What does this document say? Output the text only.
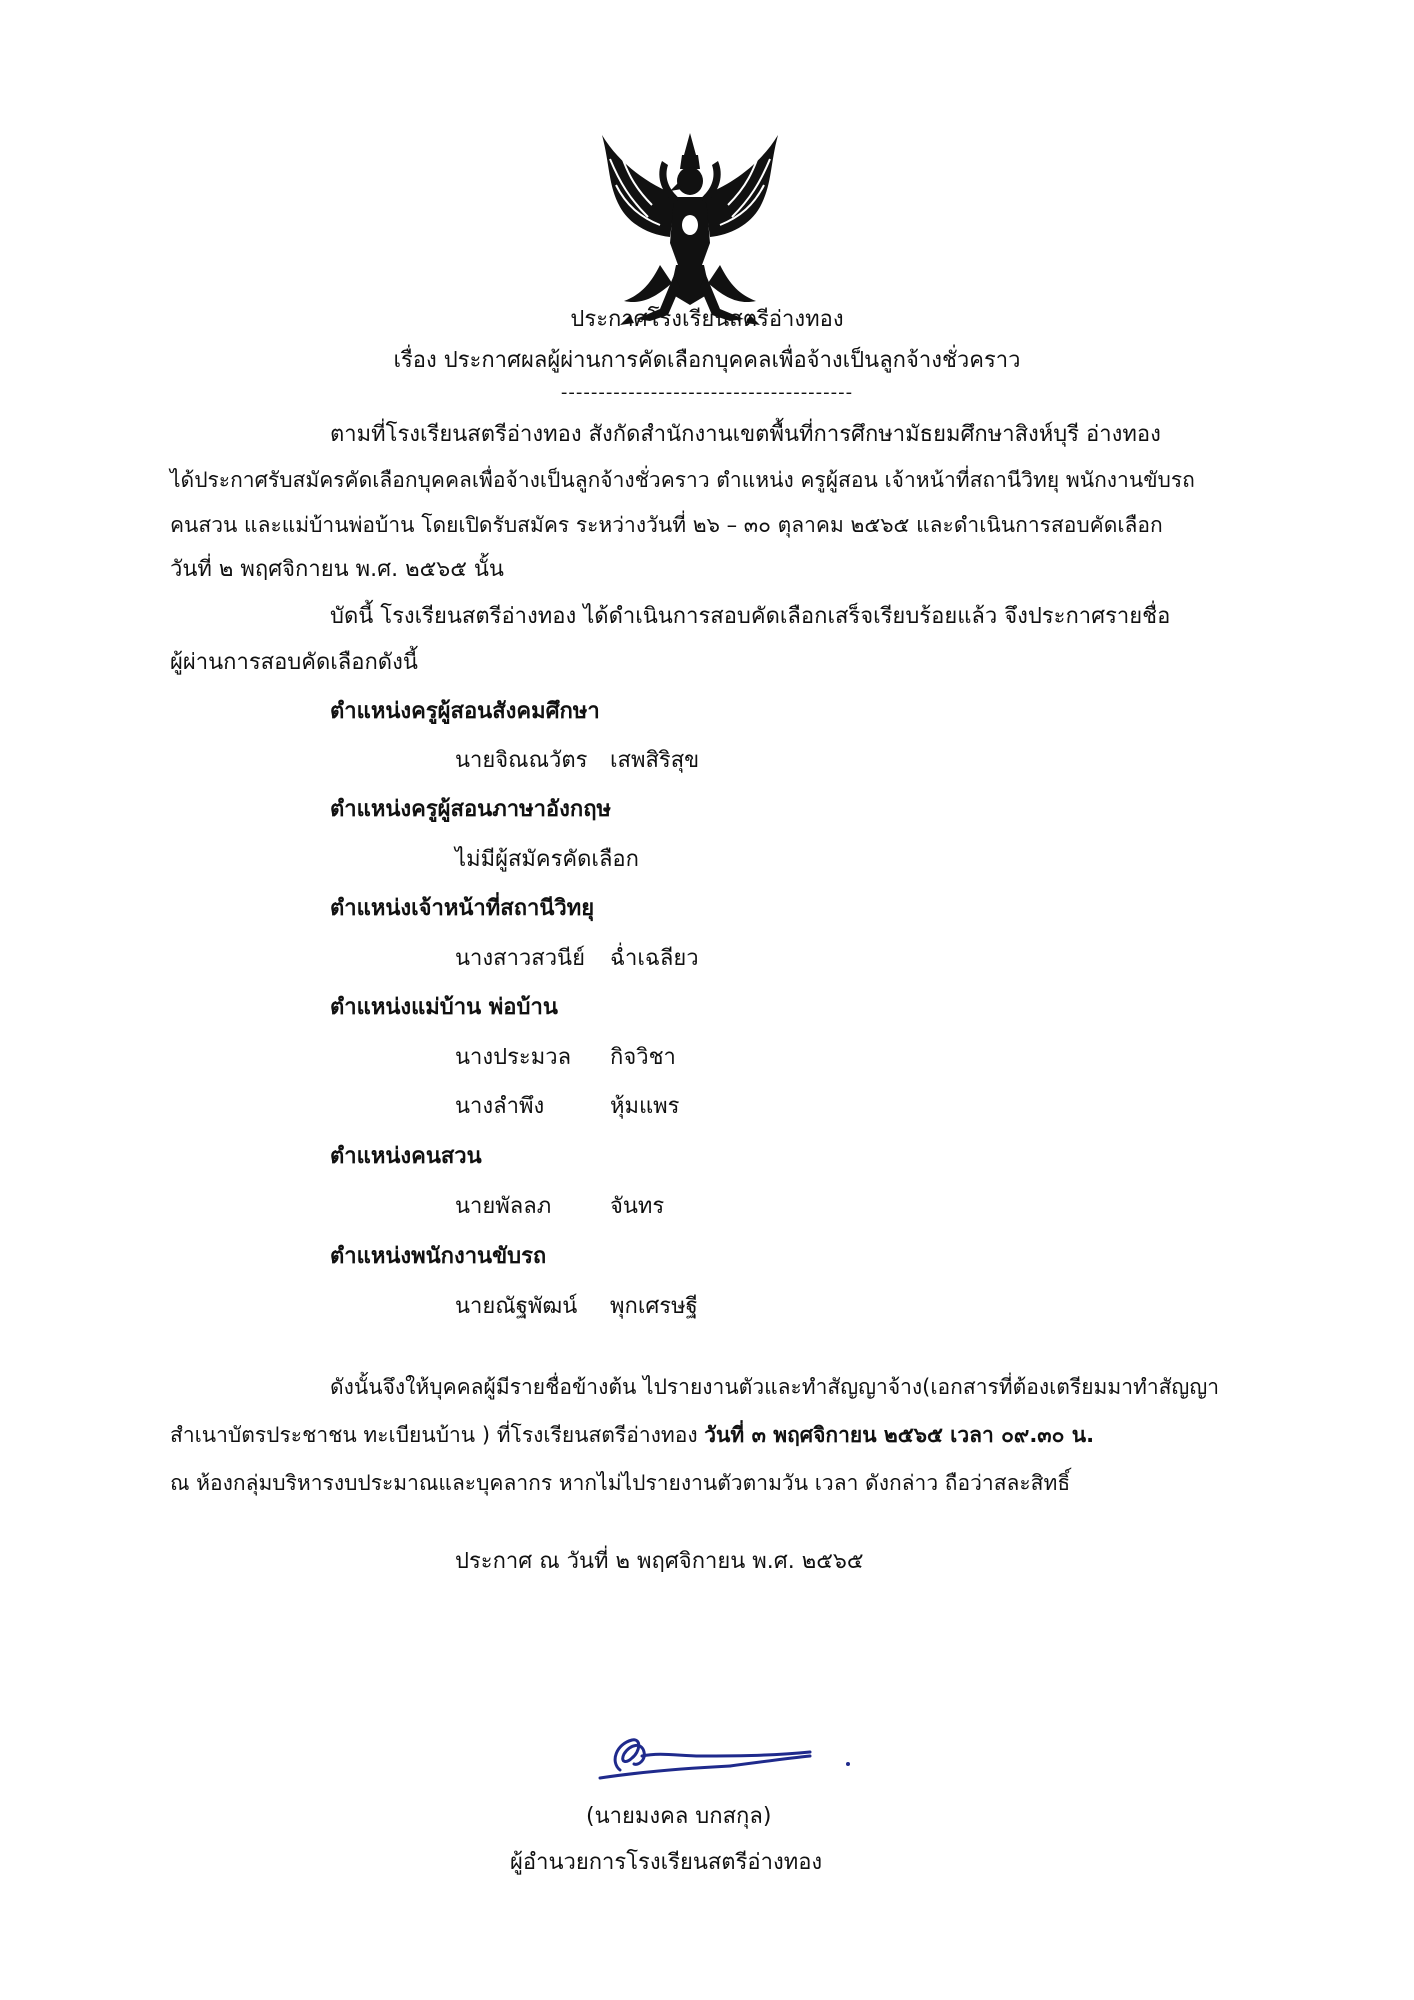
ประกาศโรงเรียนสตรีอ่างทอง
เรื่อง ประกาศผลผู้ผ่านการคัดเลือกบุคคลเพื่อจ้างเป็นลูกจ้างชั่วคราว
---------------------------------------
ตามที่โรงเรียนสตรีอ่างทอง สังกัดสำนักงานเขตพื้นที่การศึกษามัธยมศึกษาสิงห์บุรี อ่างทอง
ได้ประกาศรับสมัครคัดเลือกบุคคลเพื่อจ้างเป็นลูกจ้างชั่วคราว ตำแหน่ง ครูผู้สอน เจ้าหน้าที่สถานีวิทยุ พนักงานขับรถ
คนสวน และแม่บ้านพ่อบ้าน โดยเปิดรับสมัคร ระหว่างวันที่ ๒๖ – ๓๐ ตุลาคม ๒๕๖๕ และดำเนินการสอบคัดเลือก
วันที่ ๒ พฤศจิกายน พ.ศ. ๒๕๖๕ นั้น
บัดนี้ โรงเรียนสตรีอ่างทอง ได้ดำเนินการสอบคัดเลือกเสร็จเรียบร้อยแล้ว จึงประกาศรายชื่อ
ผู้ผ่านการสอบคัดเลือกดังนี้
ตำแหน่งครูผู้สอนสังคมศึกษา
นายจิณณวัตร เสพสิริสุข
ตำแหน่งครูผู้สอนภาษาอังกฤษ
ไม่มีผู้สมัครคัดเลือก
ตำแหน่งเจ้าหน้าที่สถานีวิทยุ
นางสาวสวนีย์ ฉ่ำเฉลียว
ตำแหน่งแม่บ้าน พ่อบ้าน
นางประมวล กิจวิชา
นางลำพึง	หุ้มแพร
ตำแหน่งคนสวน
นายพัลลภ	จันทร
ตำแหน่งพนักงานขับรถ
นายณัฐพัฒน์ พุกเศรษฐี
ดังนั้นจึงให้บุคคลผู้มีรายชื่อข้างต้น ไปรายงานตัวและทำสัญญาจ้าง(เอกสารที่ต้องเตรียมมาทำสัญญา
สำเนาบัตรประชาชน ทะเบียนบ้าน ) ที่โรงเรียนสตรีอ่างทอง วันที่ ๓ พฤศจิกายน ๒๕๖๕ เวลา ๐๙.๓๐ น.
ณ ห้องกลุ่มบริหารงบประมาณและบุคลากร หากไม่ไปรายงานตัวตามวัน เวลา ดังกล่าว ถือว่าสละสิทธิ์
ประกาศ ณ วันที่ ๒ พฤศจิกายน พ.ศ. ๒๕๖๕
(นายมงคล บกสกุล)
ผู้อำนวยการโรงเรียนสตรีอ่างทอง
